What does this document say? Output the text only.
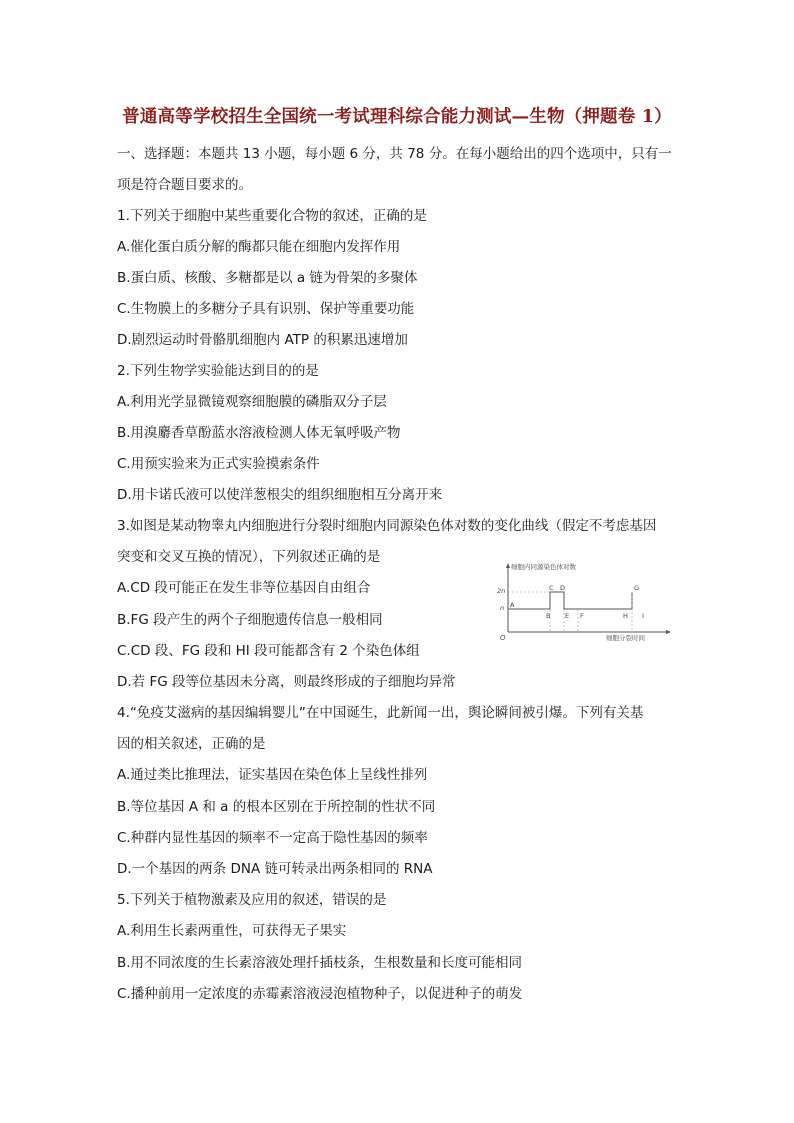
普通高等学校招生全国统一考试理科综合能力测试—生物（押题卷 1）
一、选择题：本题共 13 小题，每小题 6 分，共 78 分。在每小题给出的四个选项中，只有一
项是符合题目要求的。
1.下列关于细胞中某些重要化合物的叙述，正确的是
A.催化蛋白质分解的酶都只能在细胞内发挥作用
B.蛋白质、核酸、多糖都是以 a 链为骨架的多聚体
C.生物膜上的多糖分子具有识别、保护等重要功能
D.剧烈运动时骨骼肌细胞内 ATP 的积累迅速增加
2.下列生物学实验能达到目的的是
A.利用光学显微镜观察细胞膜的磷脂双分子层
B.用溴麝香草酚蓝水溶液检测人体无氧呼吸产物
C.用预实验来为正式实验摸索条件
D.用卡诺氏液可以使洋葱根尖的组织细胞相互分离开来
3.如图是某动物睾丸内细胞进行分裂时细胞内同源染色体对数的变化曲线（假定不考虑基因
突变和交叉互换的情况），下列叙述正确的是
A.CD 段可能正在发生非等位基因自由组合
B.FG 段产生的两个子细胞遗传信息一般相同
C.CD 段、FG 段和 HI 段可能都含有 2 个染色体组
D.若 FG 段等位基因未分离，则最终形成的子细胞均异常
细胞内同源染色体对数
细胞分裂时间
2n
n
O
A
B
C D
E F
G
H I
4.“免疫艾滋病的基因编辑婴儿”在中国诞生，此新闻一出，舆论瞬间被引爆。下列有关基
因的相关叙述，正确的是
A.通过类比推理法，证实基因在染色体上呈线性排列
B.等位基因 A 和 a 的根本区别在于所控制的性状不同
C.种群内显性基因的频率不一定高于隐性基因的频率
D.一个基因的两条 DNA 链可转录出两条相同的 RNA
5.下列关于植物激素及应用的叙述，错误的是
A.利用生长素两重性，可获得无子果实
B.用不同浓度的生长素溶液处理扦插枝条，生根数量和长度可能相同
C.播种前用一定浓度的赤霉素溶液浸泡植物种子，以促进种子的萌发
